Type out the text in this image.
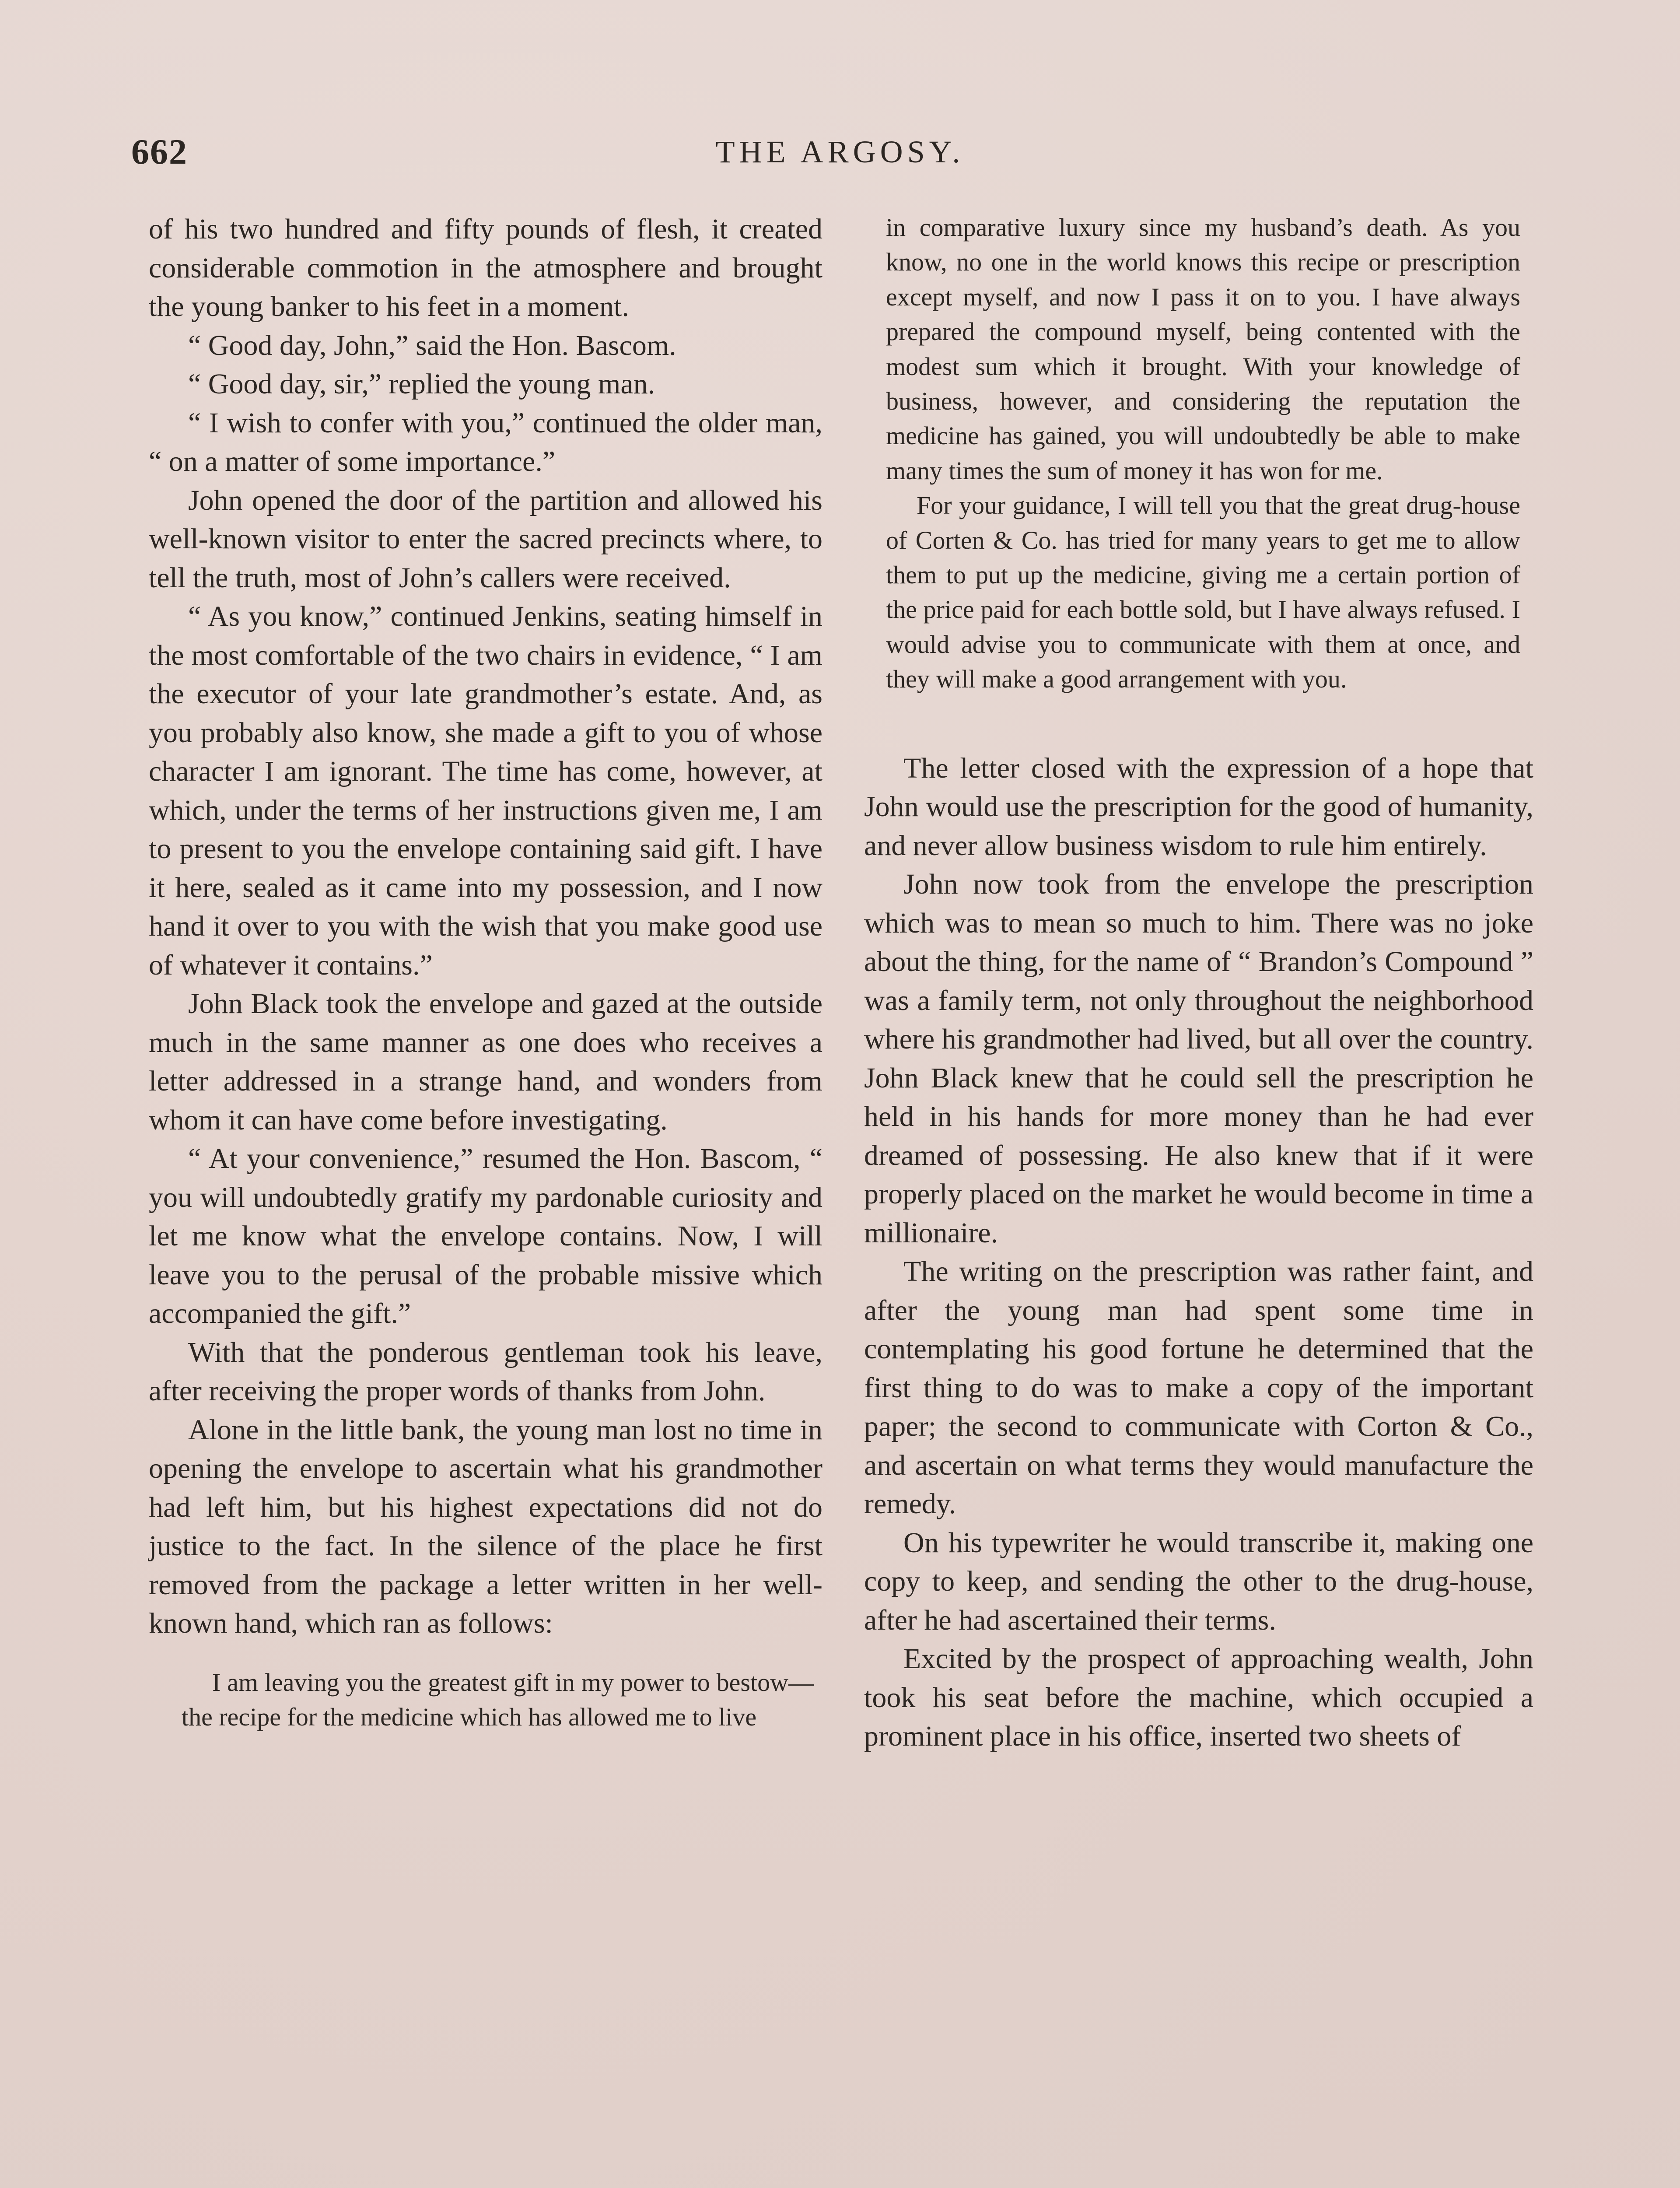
662	THE ARGOSY.

of his two hundred and fifty pounds of flesh, it created considerable commotion in the atmosphere and brought the young banker to his feet in a moment.

“ Good day, John,” said the Hon. Bascom.

“ Good day, sir,” replied the young man.

“ I wish to confer with you,” continued the older man, “ on a matter of some importance.”

John opened the door of the partition and allowed his well-known visitor to enter the sacred precincts where, to tell the truth, most of John’s callers were received.

“ As you know,” continued Jenkins, seating himself in the most comfortable of the two chairs in evidence, “ I am the executor of your late grandmother’s estate. And, as you probably also know, she made a gift to you of whose character I am ignorant. The time has come, however, at which, under the terms of her instructions given me, I am to present to you the envelope containing said gift. I have it here, sealed as it came into my possession, and I now hand it over to you with the wish that you make good use of whatever it contains.”

John Black took the envelope and gazed at the outside much in the same manner as one does who receives a letter addressed in a strange hand, and wonders from whom it can have come before investigating.

“ At your convenience,” resumed the Hon. Bascom, “ you will undoubtedly gratify my pardonable curiosity and let me know what the envelope contains. Now, I will leave you to the perusal of the probable missive which accompanied the gift.”

With that the ponderous gentleman took his leave, after receiving the proper words of thanks from John.

Alone in the little bank, the young man lost no time in opening the envelope to ascertain what his grandmother had left him, but his highest expectations did not do justice to the fact. In the silence of the place he first removed from the package a letter written in her well-known hand, which ran as follows:

I am leaving you the greatest gift in my power to bestow—the recipe for the medicine which has allowed me to live

in comparative luxury since my husband’s death. As you know, no one in the world knows this recipe or prescription except myself, and now I pass it on to you. I have always prepared the compound myself, being contented with the modest sum which it brought. With your knowledge of business, however, and considering the reputation the medicine has gained, you will undoubtedly be able to make many times the sum of money it has won for me.

For your guidance, I will tell you that the great drug-house of Corten & Co. has tried for many years to get me to allow them to put up the medicine, giving me a certain portion of the price paid for each bottle sold, but I have always refused. I would advise you to communicate with them at once, and they will make a good arrangement with you.

The letter closed with the expression of a hope that John would use the prescription for the good of humanity, and never allow business wisdom to rule him entirely.

John now took from the envelope the prescription which was to mean so much to him. There was no joke about the thing, for the name of “ Brandon’s Compound ” was a family term, not only throughout the neighborhood where his grandmother had lived, but all over the country. John Black knew that he could sell the prescription he held in his hands for more money than he had ever dreamed of possessing. He also knew that if it were properly placed on the market he would become in time a millionaire.

The writing on the prescription was rather faint, and after the young man had spent some time in contemplating his good fortune he determined that the first thing to do was to make a copy of the important paper; the second to communicate with Corton & Co., and ascertain on what terms they would manufacture the remedy.

On his typewriter he would transcribe it, making one copy to keep, and sending the other to the drug-house, after he had ascertained their terms.

Excited by the prospect of approaching wealth, John took his seat before the machine, which occupied a prominent place in his office, inserted two sheets of
